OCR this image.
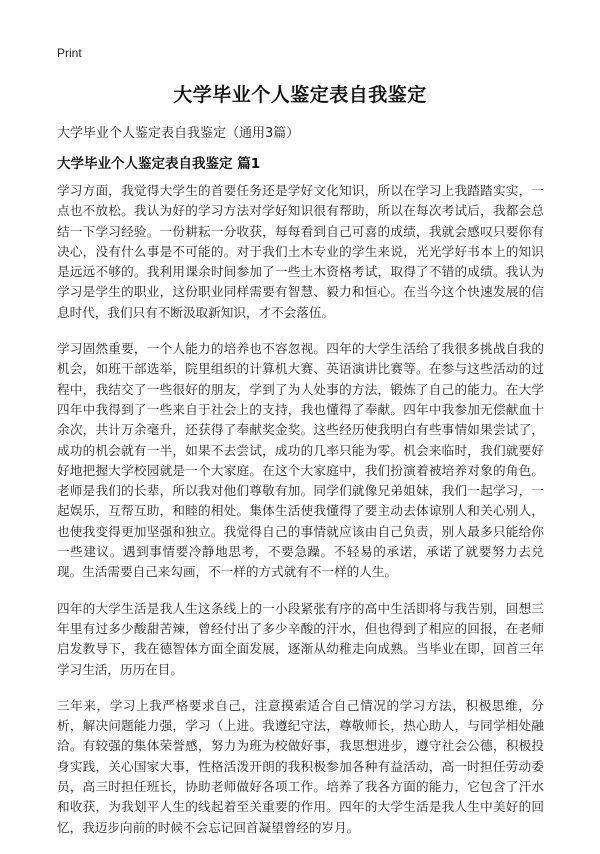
Print
大学毕业个人鉴定表自我鉴定
大学毕业个人鉴定表自我鉴定（通用3篇）
大学毕业个人鉴定表自我鉴定 篇1

学习方面，我觉得大学生的首要任务还是学好文化知识，所以在学习上我踏踏实实，一点也不放松。我认为好的学习方法对学好知识很有帮助，所以在每次考试后，我都会总结一下学习经验。一份耕耘一分收获，每每看到自己可喜的成绩，我就会感叹只要你有决心，没有什么事是不可能的。对于我们土木专业的学生来说，光光学好书本上的知识是远远不够的。我利用课余时间参加了一些土木资格考试，取得了不错的成绩。我认为学习是学生的职业，这份职业同样需要有智慧、毅力和恒心。在当今这个快速发展的信息时代，我们只有不断汲取新知识，才不会落伍。

学习固然重要，一个人能力的培养也不容忽视。四年的大学生活给了我很多挑战自我的机会，如班干部选举，院里组织的计算机大赛、英语演讲比赛等。在参与这些活动的过程中，我结交了一些很好的朋友，学到了为人处事的方法，锻炼了自己的能力。在大学四年中我得到了一些来自于社会上的支持，我也懂得了奉献。四年中我参加无偿献血十余次，共计万余毫升，还获得了奉献奖金奖。这些经历使我明白有些事情如果尝试了，成功的机会就有一半，如果不去尝试，成功的几率只能为零。机会来临时，我们就要好好地把握大学校园就是一个大家庭。在这个大家庭中，我们扮演着被培养对象的角色。老师是我们的长辈，所以我对他们尊敬有加。同学们就像兄弟姐妹，我们一起学习，一起娱乐，互帮互助，和睦的相处。集体生活使我懂得了要主动去体谅别人和关心别人，也使我变得更加坚强和独立。我觉得自己的事情就应该由自己负责，别人最多只能给你一些建议。遇到事情要冷静地思考，不要急躁。不轻易的承诺，承诺了就要努力去兑现。生活需要自己来勾画，不一样的方式就有不一样的人生。

四年的大学生活是我人生这条线上的一小段紧张有序的高中生活即将与我告别，回想三年里有过多少酸甜苦辣，曾经付出了多少辛酸的汗水，但也得到了相应的回报，在老师启发教导下，我在德智体方面全面发展，逐渐从幼稚走向成熟。当毕业在即，回首三年学习生活，历历在目。

三年来，学习上我严格要求自己，注意摸索适合自己情况的学习方法，积极思维，分析，解决问题能力强，学习（上进。我遵纪守法，尊敬师长，热心助人，与同学相处融洽。有较强的集体荣誉感，努力为班为校做好事，我思想进步，遵守社会公德，积极投身实践，关心国家大事，性格活泼开朗的我积极参加各种有益活动，高一时担任劳动委员，高三时担任班长，协助老师做好各项工作。培养了我各方面的能力，它包含了汗水和收获，为我划平人生的线起着至关重要的作用。四年的大学生活是我人生中美好的回忆，我迈步向前的时候不会忘记回首凝望曾经的岁月。
